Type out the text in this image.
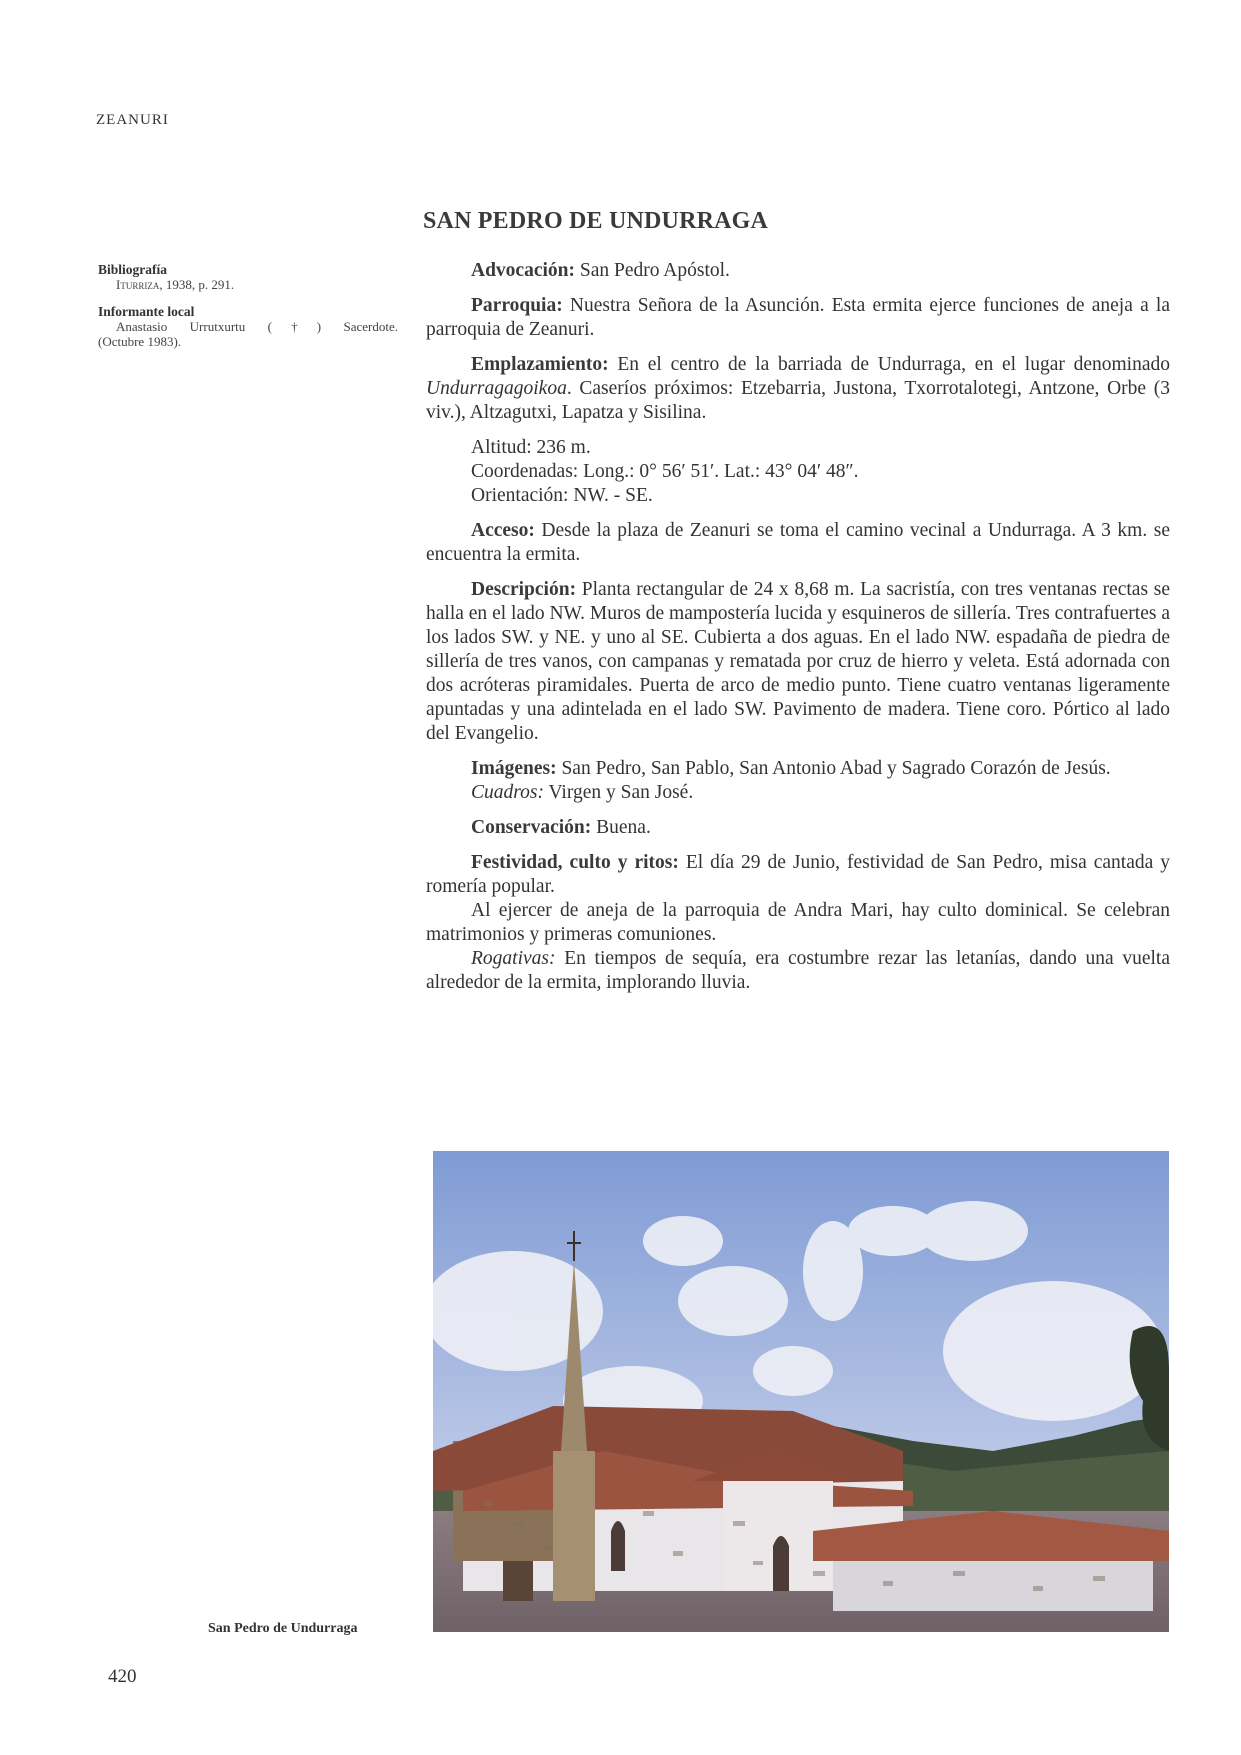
ZEANURI
Bibliografía
Iturriza, 1938, p. 291.
Informante local
Anastasio Urrutxurtu (†) Sacerdote.
(Octubre 1983).
SAN PEDRO DE UNDURRAGA

Advocación: San Pedro Apóstol.

Parroquia: Nuestra Señora de la Asunción. Esta ermita ejerce funciones de aneja a la parroquia de Zeanuri.

Emplazamiento: En el centro de la barriada de Undurraga, en el lugar denominado Undurragagoikoa. Caseríos próximos: Etzebarria, Justona, Txorrotalotegi, Antzone, Orbe (3 viv.), Altzagutxi, Lapatza y Sisilina.

Altitud: 236 m.
Coordenadas: Long.: 0° 56′ 51′. Lat.: 43° 04′ 48″.
Orientación: NW. - SE.

Acceso: Desde la plaza de Zeanuri se toma el camino vecinal a Undurraga. A 3 km. se encuentra la ermita.

Descripción: Planta rectangular de 24 x 8,68 m. La sacristía, con tres ventanas rectas se halla en el lado NW. Muros de mampostería lucida y esquineros de sillería. Tres contrafuertes a los lados SW. y NE. y uno al SE. Cubierta a dos aguas. En el lado NW. espadaña de piedra de sillería de tres vanos, con campanas y rematada por cruz de hierro y veleta. Está adornada con dos acróteras piramidales. Puerta de arco de medio punto. Tiene cuatro ventanas ligeramente apuntadas y una adintelada en el lado SW. Pavimento de madera. Tiene coro. Pórtico al lado del Evangelio.

Imágenes: San Pedro, San Pablo, San Antonio Abad y Sagrado Corazón de Jesús.

Cuadros: Virgen y San José.

Conservación: Buena.

Festividad, culto y ritos: El día 29 de Junio, festividad de San Pedro, misa cantada y romería popular.

Al ejercer de aneja de la parroquia de Andra Mari, hay culto dominical. Se celebran matrimonios y primeras comuniones.

Rogativas: En tiempos de sequía, era costumbre rezar las letanías, dando una vuelta alrededor de la ermita, implorando lluvia.

San Pedro de Undurraga
420
